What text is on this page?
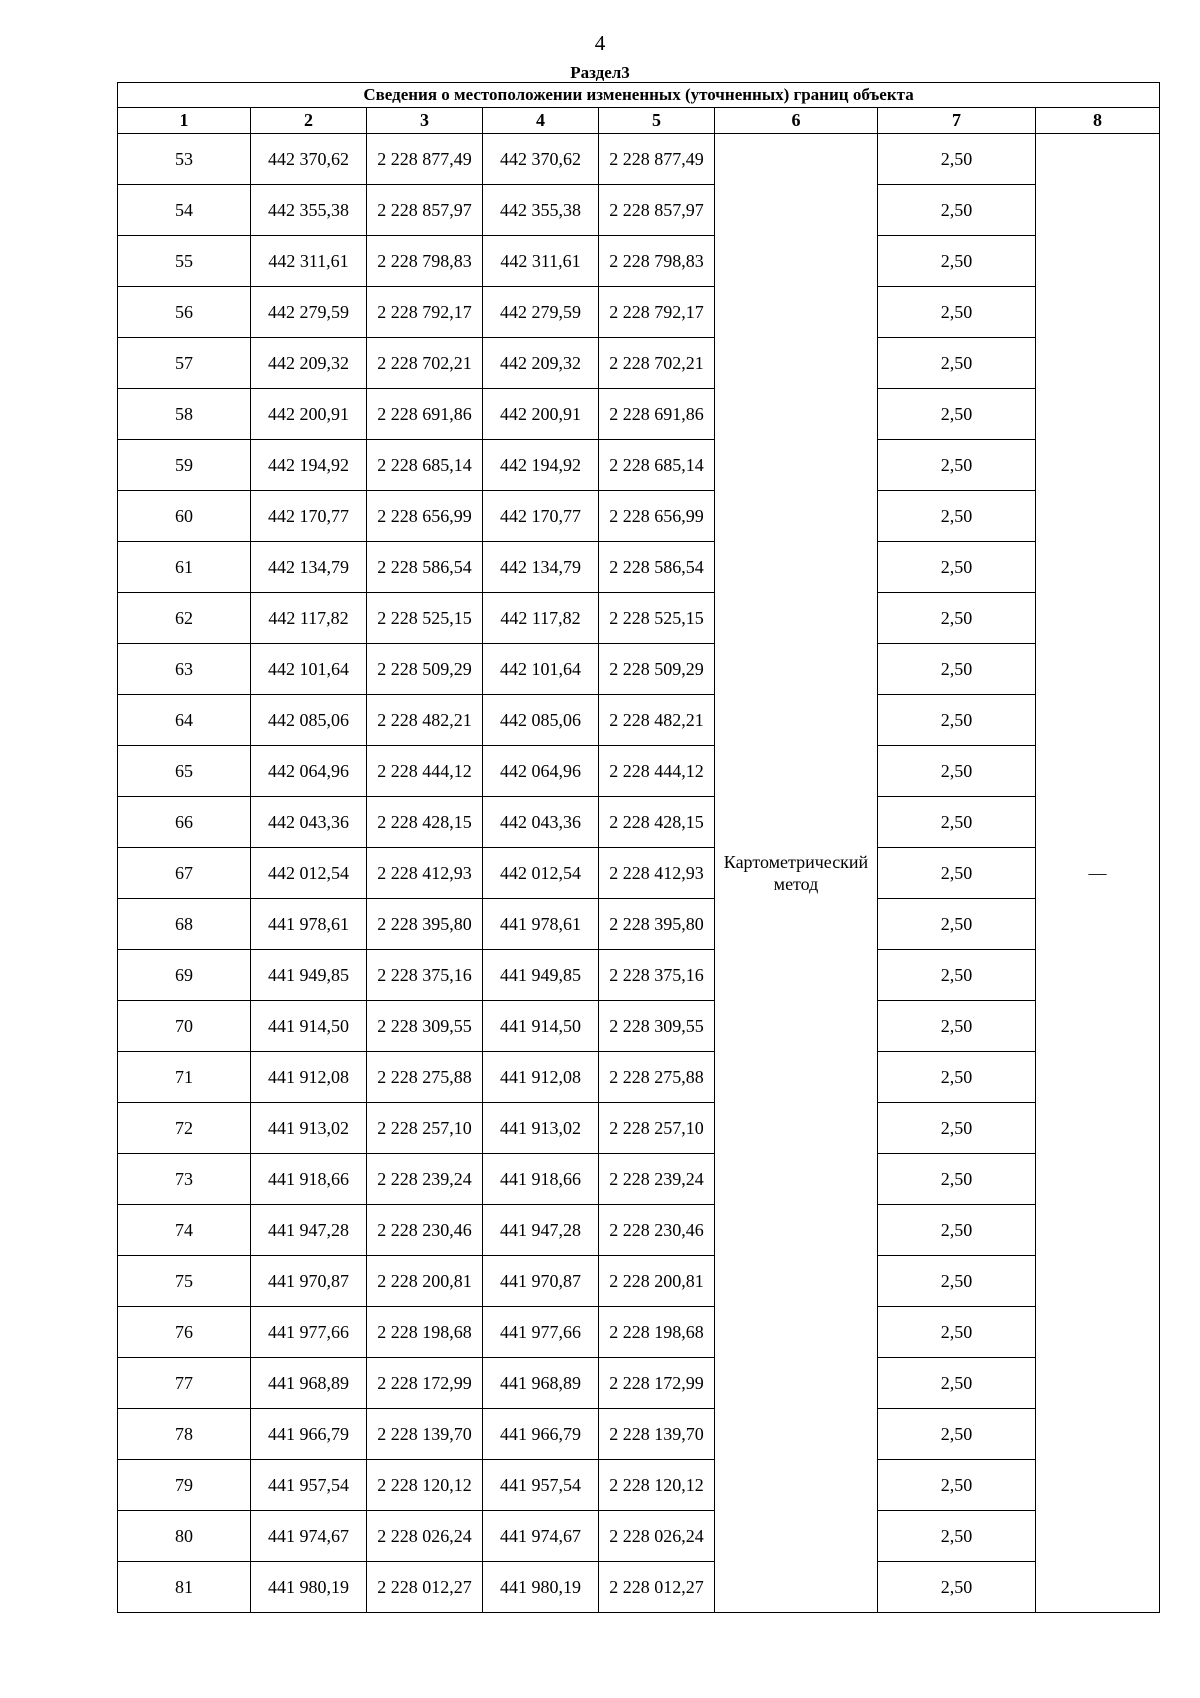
4
Раздел3
Сведения о местоположении измененных (уточненных) границ объекта							
1	2	3	4	5	6	7	8
53	442 370,62	2 228 877,49	442 370,62	2 228 877,49	Картометрический метод	2,50	—
54	442 355,38	2 228 857,97	442 355,38	2 228 857,97		2,50	
55	442 311,61	2 228 798,83	442 311,61	2 228 798,83		2,50	
56	442 279,59	2 228 792,17	442 279,59	2 228 792,17		2,50	
57	442 209,32	2 228 702,21	442 209,32	2 228 702,21		2,50	
58	442 200,91	2 228 691,86	442 200,91	2 228 691,86		2,50	
59	442 194,92	2 228 685,14	442 194,92	2 228 685,14		2,50	
60	442 170,77	2 228 656,99	442 170,77	2 228 656,99		2,50	
61	442 134,79	2 228 586,54	442 134,79	2 228 586,54		2,50	
62	442 117,82	2 228 525,15	442 117,82	2 228 525,15		2,50	
63	442 101,64	2 228 509,29	442 101,64	2 228 509,29		2,50	
64	442 085,06	2 228 482,21	442 085,06	2 228 482,21		2,50	
65	442 064,96	2 228 444,12	442 064,96	2 228 444,12		2,50	
66	442 043,36	2 228 428,15	442 043,36	2 228 428,15		2,50	
67	442 012,54	2 228 412,93	442 012,54	2 228 412,93		2,50	
68	441 978,61	2 228 395,80	441 978,61	2 228 395,80		2,50	
69	441 949,85	2 228 375,16	441 949,85	2 228 375,16		2,50	
70	441 914,50	2 228 309,55	441 914,50	2 228 309,55		2,50	
71	441 912,08	2 228 275,88	441 912,08	2 228 275,88		2,50	
72	441 913,02	2 228 257,10	441 913,02	2 228 257,10		2,50	
73	441 918,66	2 228 239,24	441 918,66	2 228 239,24		2,50	
74	441 947,28	2 228 230,46	441 947,28	2 228 230,46		2,50	
75	441 970,87	2 228 200,81	441 970,87	2 228 200,81		2,50	
76	441 977,66	2 228 198,68	441 977,66	2 228 198,68		2,50	
77	441 968,89	2 228 172,99	441 968,89	2 228 172,99		2,50	
78	441 966,79	2 228 139,70	441 966,79	2 228 139,70		2,50	
79	441 957,54	2 228 120,12	441 957,54	2 228 120,12		2,50	
80	441 974,67	2 228 026,24	441 974,67	2 228 026,24		2,50	
81	441 980,19	2 228 012,27	441 980,19	2 228 012,27		2,50	
